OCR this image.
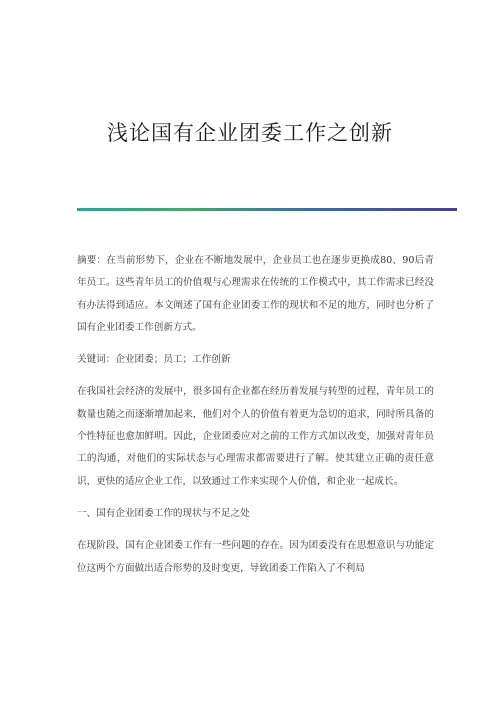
浅论国有企业团委工作之创新

摘要：在当前形势下，企业在不断地发展中，企业员工也在逐步更换成80、90后青年员工。这些青年员工的价值观与心理需求在传统的工作模式中，其工作需求已经没有办法得到适应。本文阐述了国有企业团委工作的现状和不足的地方，同时也分析了国有企业团委工作创新方式。

关键词：企业团委；员工；工作创新

在我国社会经济的发展中，很多国有企业都在经历着发展与转型的过程，青年员工的数量也随之而逐渐增加起来，他们对个人的价值有着更为急切的追求，同时所具备的个性特征也愈加鲜明。因此，企业团委应对之前的工作方式加以改变，加强对青年员工的沟通，对他们的实际状态与心理需求都需要进行了解。使其建立正确的责任意识，更快的适应企业工作，以致通过工作来实现个人价值，和企业一起成长。

一、国有企业团委工作的现状与不足之处

在现阶段，国有企业团委工作有一些问题的存在。因为团委没有在思想意识与功能定位这两个方面做出适合形势的及时变更，导致团委工作陷入了不利局
